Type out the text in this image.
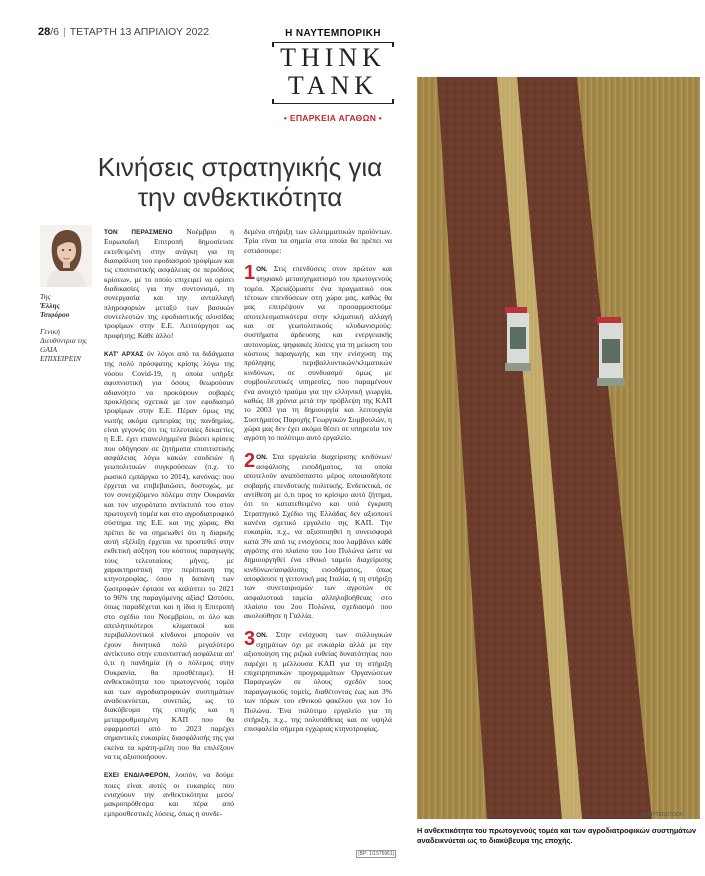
28/6 | ΤΕΤΑΡΤΗ 13 ΑΠΡΙΛΙΟΥ 2022	Η ΝΑΥΤΕΜΠΟΡΙΚΗ
THINK
TANK
• ΕΠΑΡΚΕΙΑ ΑΓΑΘΩΝ •
Κινήσεις στρατηγικής για την ανθεκτικότητα
Της
Έλλης Τσιφόρου
Γενική Διευθύντρια της GAIA ΕΠΙΧΕΙΡΕΙΝ

ΤΟΝ ΠΕΡΑΣΜΕΝΟ Νοέμβριο η Ευρωπαϊκή Επιτροπή δημοσίευσε εκτεθειμένη στην ανάγκη για τη διασφάλιση του εφοδιασμού τροφίμων και τις επισιτιστικής ασφάλειας σε περιόδους κρίσεων, με το οποίο επιχειρεί να ορίσει διαδικασίες για την συντονισμό, τη συνεργασία και την ανταλλαγή πληροφοριών μεταξύ των βασικών συντελεστών της εφοδιαστικής αλυσίδας τροφίμων στην Ε.Ε. Λειτούργησε ως προφήτης; Κάθε άλλο!

ΚΑΤ' ΑΡΧΑΣ όν λόγοι από τα διδάγματα της πολύ πρόσφατης κρίσης λόγω της νόσου Covid-19, η οποία υπήρξε αφυπνιστική για όσους θεωρούσαν αδιανόητο να προκύψουν σοβαρές προκλήσεις σχετικά με τον εφοδιασμό τροφίμων στην Ε.Ε. Πέραν όμως της νωπής ακόμα εμπειρίας της πανδημίας, είναι γεγονός ότι τις τελευταίες δεκαετίες η Ε.Ε. έχει επανειλημμένα βιώσει κρίσεις που οδήγησαν σε ζητήματα επισιτιστικής ασφάλειας λόγω κακών εσοδειών ή γεωπολιτικών συγκρούσεων (π.χ. το ρωσικό εμπάργκο το 2014), κανόνας: που έρχεται να επιβεβαιώσει, δυστυχώς, με τον συνεχιζόμενο πόλεμο στην Ουκρανία και τον ισχυρότατο αντίκτυπό του στον πρωτογενή τομέα και στο αγροδιατροφικό σύστημα της Ε.Ε. και της χώρας. Θα πρέπει δε να σημειωθεί ότι η διαρκής αυτή εξέλιξη έρχεται να προστεθεί στην εκθετική αύξηση του κόστους παραγωγής τους τελευταίους μήνες, με χαρακτηριστική την περίπτωση της κτηνοτροφίας, όπου η δαπάνη των ζωοτροφών έφτασε να καλύπτει το 2021 το 96% της παραγόμενης αξίας! Ωστόσο, όπως παραδέχεται και η ίδια η Επιτροπή στο σχέδιο του Νοεμβρίου, οι όλο και απειλητικότεροι κλιματικοί και περιβαλλοντικοί κίνδυνοι μπορούν να έχουν δυνητικά πολύ μεγαλύτερο αντίκτυπο στην επισιτιστική ασφάλεια απ' ό,τι η πανδημία (ή ο πόλεμος στην Ουκρανία, θα προσθέταμε). Η ανθεκτικότητα του πρωτογενούς τομέα και των αγροδιατροφικών συστημάτων αναδεικνύεται, συνεπώς, ως το διακύβευμα της εποχής και η μεταρρυθμισμένη ΚΑΠ που θα εφαρμοστεί από το 2023 παρέχει σημαντικές ευκαιρίες διασφάλισής της για εκείνα τα κράτη-μέλη που θα επιλέξουν να τις αξιοποιήσουν.

ΕΧΕΙ ΕΝΔΙΑΦΕΡΟΝ, λοιπόν, να δούμε ποιες είναι αυτές οι ευκαιρίες που ενισχύουν την ανθεκτικότητα μεσο/μακροπρόθεσμα και πέρα από εμπροσθεστικές λύσεις, όπως η συνδε-

δεμένα στήριξη των ελλειμματικών προϊόντων. Τρία είναι τα σημεία στα οποία θα πρέπει να εστιάσουμε:

1 ΟΝ. Στις επενδύσεις στον πρώτον και ψηφιακό μετασχηματισμό του πρωτογενούς τομέα. Χρειαζόμαστε ένα πραγματικό σοκ τέτοιων επενδύσεων στη χώρα μας, καθώς θα μας επιτρέψουν να προσαρμοστούμε αποτελεσματικότερα στην κλιματική αλλαγή και σε γεωπολιτικούς κλυδωνισμούς: συστήματα άρδευσης και ενεργειακής αυτονομίας, ψηφιακές λύσεις για τη μείωση του κόστους παραγωγής και την ενίσχυση της πρόληψης περιβαλλοντικών/κλιματικών κινδύνων, σε συνδυασμό όμως με συμβουλευτικές υπηρεσίες, που παραμένουν ένα ανοιχτό τραύμα για την ελληνική γεωργία, καθώς 18 χρόνια μετά την πρόβλεψη της ΚΑΠ το 2003 για τη δημιουργία και λειτουργία Συστήματος Παροχής Γεωργικών Συμβουλών, η χώρα μας δεν έχει ακόμα θέσει σε υπηρεσία τον αγρότη το πολύτιμο αυτό εργαλείο.

2 ΟΝ. Στα εργαλεία διαχείρισης κινδύνων/ασφάλισης εισοδήματος, τα οποία αποτελούν αναπόσπαστο μέρος οποιασδήποτε σοβαρής επενδυτικής πολιτικής. Ενδεικτικά, σε αντίθεση με ό,τι προς το κρίσιμο αυτό ζήτημα, ότι το κατατεθειμένο και υπό έγκριση Στρατηγικό Σχέδιο της Ελλάδας δεν αξιοποιεί κανένα σχετικό εργαλείο της ΚΑΠ. Την ευκαιρία, π.χ., να αξιοποιηθεί η συνεισφορά κατά 3% από τις ενισχύσεις που λαμβάνει κάθε αγρότης στο πλαίσιο του 1ου Πυλώνα ώστε να δημιουργηθεί ένα εθνικό ταμείο διαχείρισης κινδύνων/ασφάλισης εισοδήματος, όπως αποφάσισε η γειτονική μας Ιταλία, ή τη στήριξη των συνεταιρισμών των αγροτών σε ασφαλιστικά ταμεία αλληλοβοήθειας στο πλαίσιο του 2ου Πυλώνα, σχεδιασμό που ακολούθησε η Γαλλία.

3 ΟΝ. Στην ενίσχυση των συλλογικών σχημάτων όχι με ευκαιρία αλλά με την αξιοποίηση της ριζικά ευθείας δυνατότητας που παρέχει η μέλλουσα ΚΑΠ για τη στήριξη επιχειρησιακών προγραμμάτων Οργανώσεων Παραγωγών σε όλους σχεδόν τους παραγωγικούς τομείς, διαθέτοντας έως και 3% των πόρων του εθνικού φακέλου για τον 1ο Πυλώνα. Ένα πολύτιμο εργαλείο για τη στήριξη, π.χ., της πολυπάθειας και σε υψηλά επισφαλεία σήμερα εγχώριας κτηνοτροφίας.

(ΒΡ: 1/1575961)
SHUTTERSTOCK
Η ανθεκτικότητα του πρωτογενούς τομέα και των αγροδιατροφικών συστημάτων αναδεικνύεται ως το διακύβευμα της εποχής.
